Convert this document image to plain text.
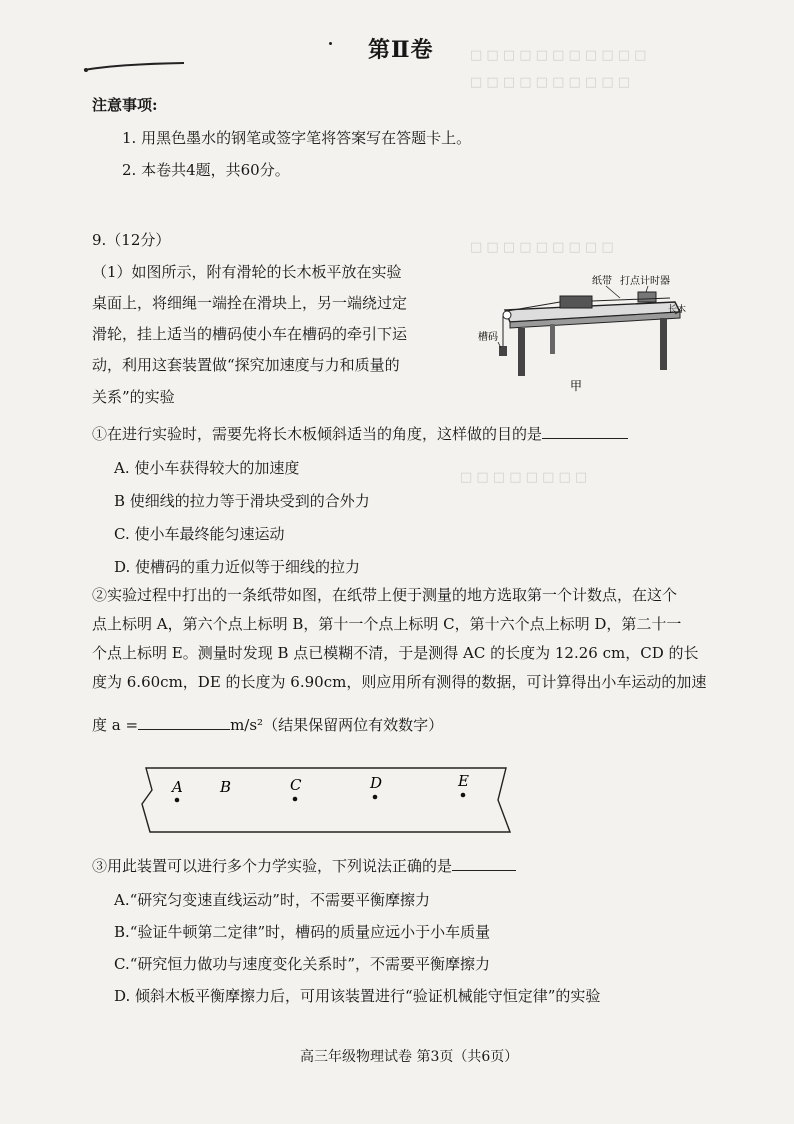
□ □ □ □ □ □ □ □ □ □ □
□ □ □ □ □ □ □ □ □ □
□ □ □ □ □ □ □ □ □
□ □ □ □ □ □ □ □
第Ⅱ卷
注意事项:
1. 用黑色墨水的钢笔或签字笔将答案写在答题卡上。
2. 本卷共4题，共60分。
9.（12分）
（1）如图所示，附有滑轮的长木板平放在实验
桌面上，将细绳一端拴在滑块上，另一端绕过定
滑轮，挂上适当的槽码使小车在槽码的牵引下运
动，利用这套装置做“探究加速度与力和质量的
关系”的实验
纸带 打点计时器
长木
槽码
甲
①在进行实验时，需要先将长木板倾斜适当的角度，这样做的目的是
A. 使小车获得较大的加速度
B 使细线的拉力等于滑块受到的合外力
C. 使小车最终能匀速运动
D. 使槽码的重力近似等于细线的拉力
②实验过程中打出的一条纸带如图，在纸带上便于测量的地方选取第一个计数点，在这个
点上标明 A，第六个点上标明 B，第十一个点上标明 C，第十六个点上标明 D，第二十一
个点上标明 E。测量时发现 B 点已模糊不清，于是测得 AC 的长度为 12.26 cm，CD 的长
度为 6.60cm，DE 的长度为 6.90cm，则应用所有测得的数据，可计算得出小车运动的加速
度 a =	m/s²（结果保留两位有效数字）
A B	C	D	E
③用此装置可以进行多个力学实验，下列说法正确的是
A.“研究匀变速直线运动”时，不需要平衡摩擦力
B.“验证牛顿第二定律”时，槽码的质量应远小于小车质量
C.“研究恒力做功与速度变化关系时”，不需要平衡摩擦力
D. 倾斜木板平衡摩擦力后，可用该装置进行“验证机械能守恒定律”的实验
高三年级物理试卷 第3页（共6页）
